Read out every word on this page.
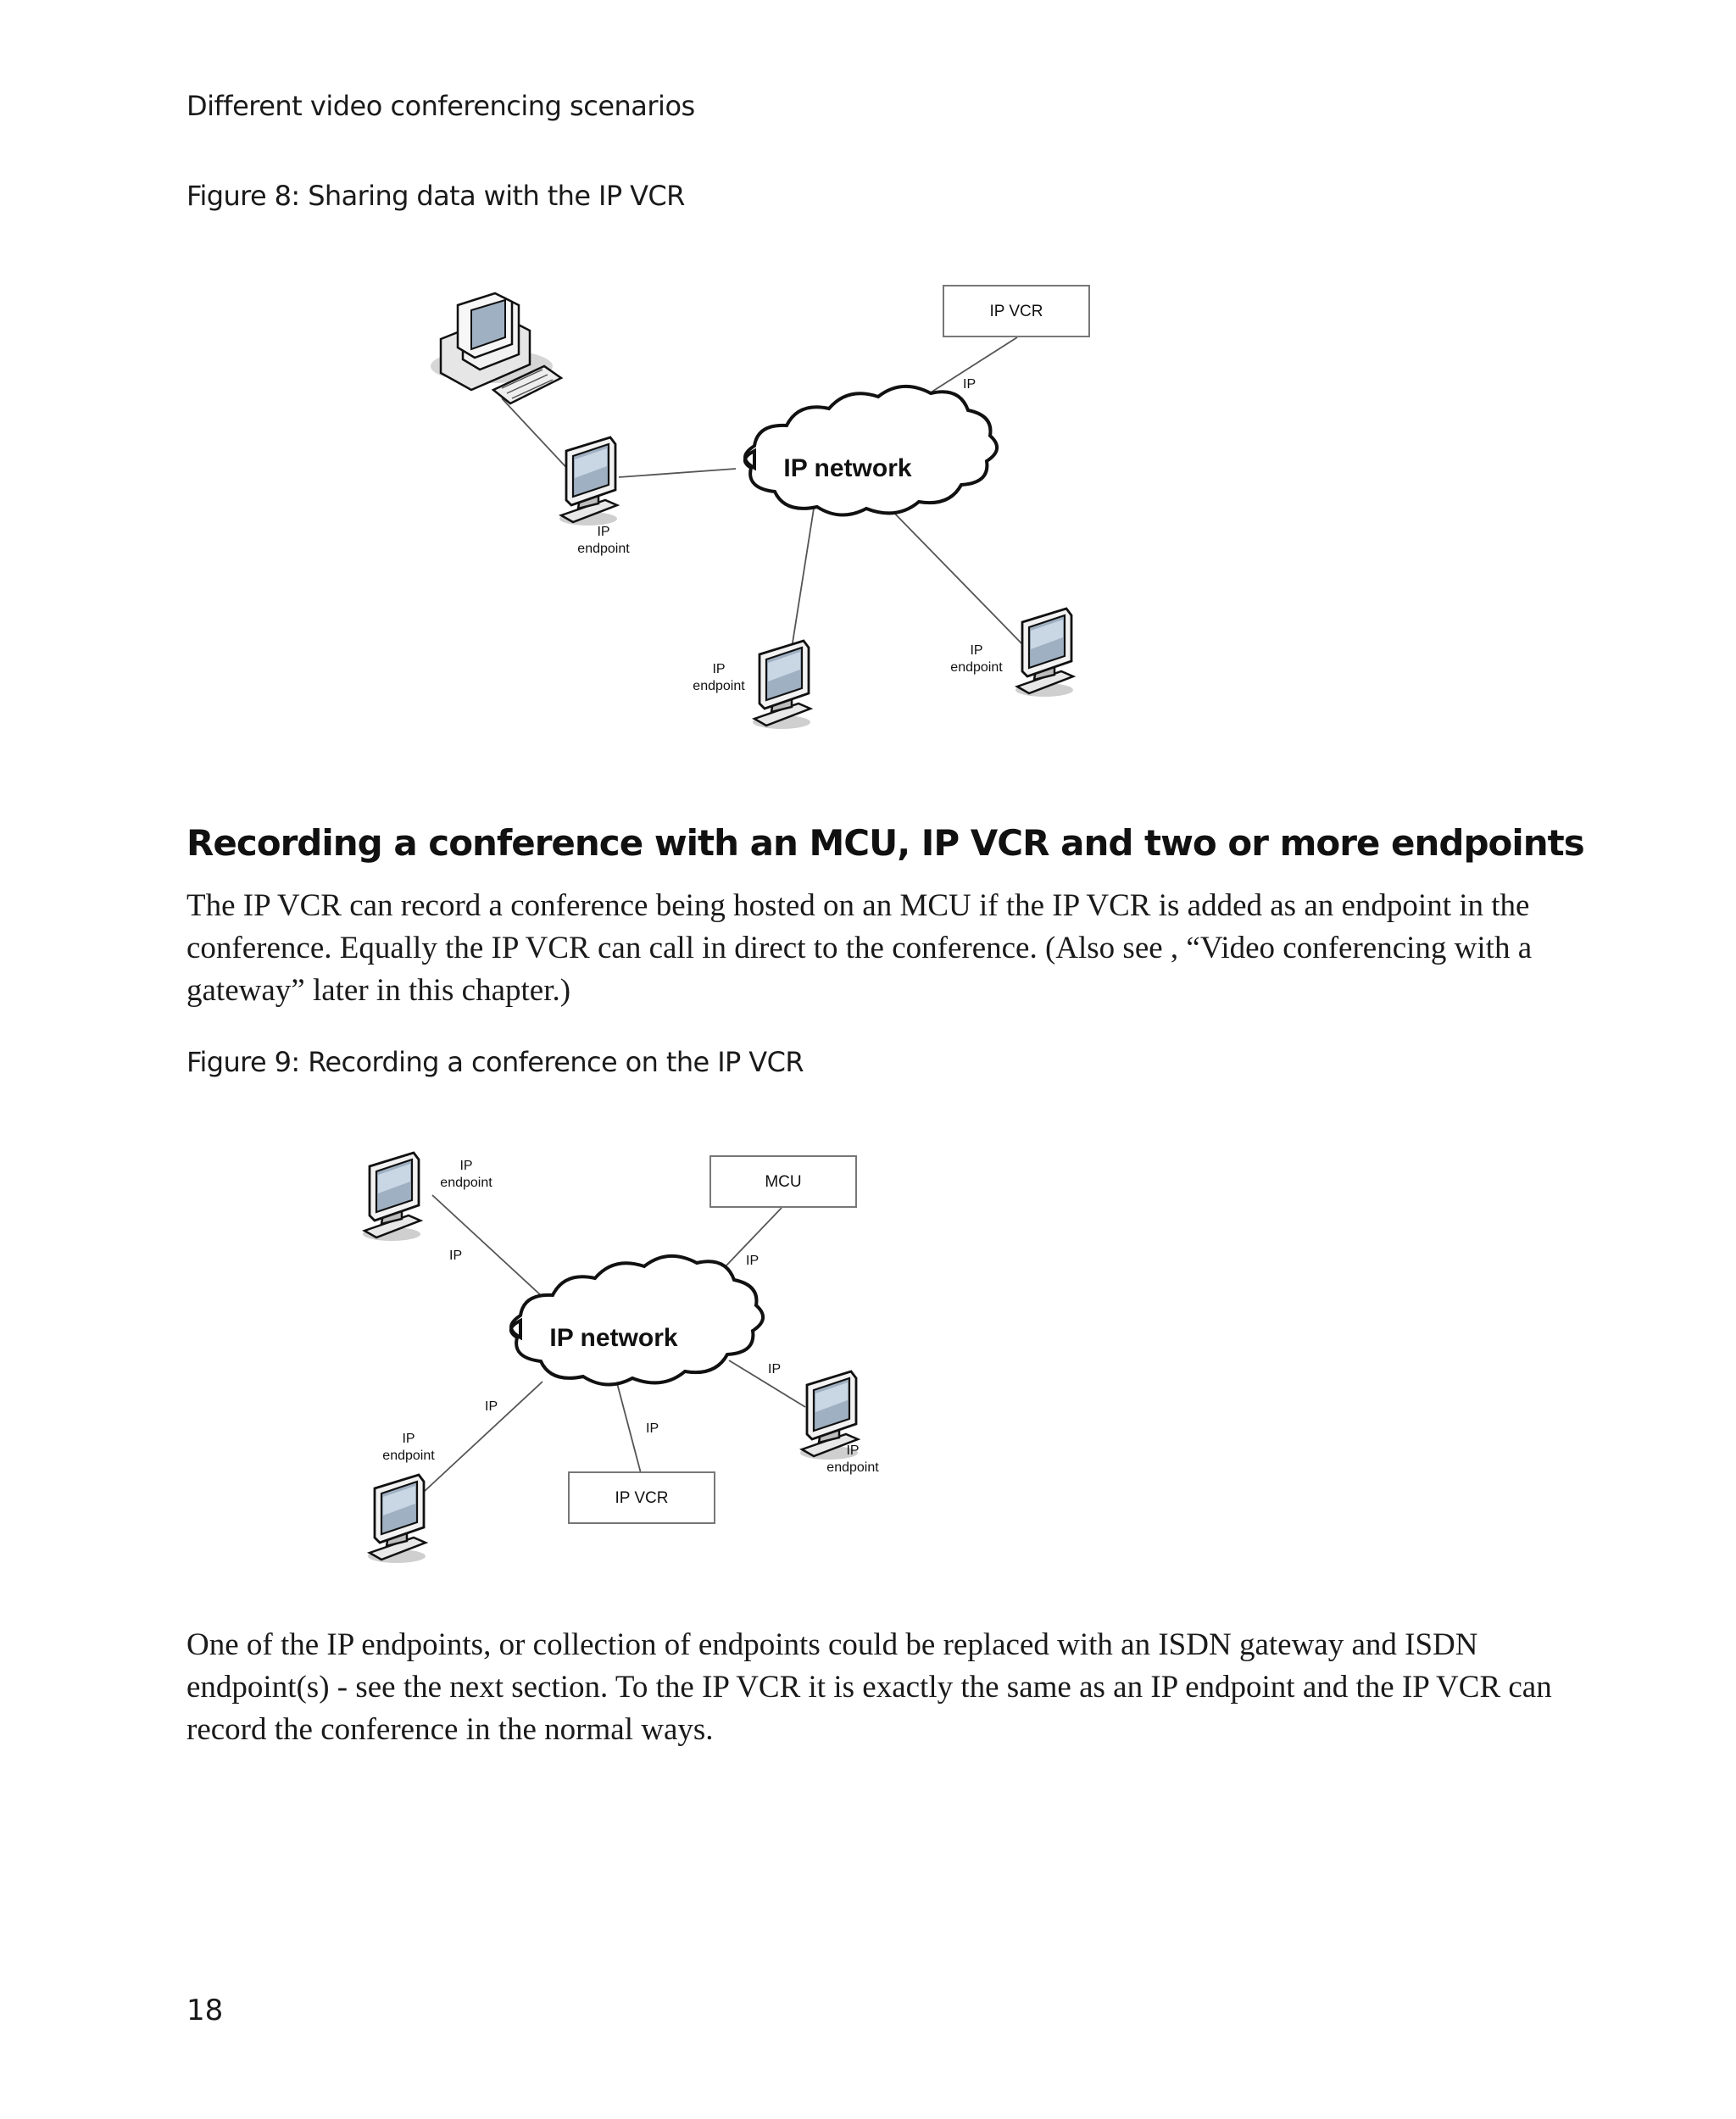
Different video conferencing scenarios
Figure 8: Sharing data with the IP VCR
IP VCR
IP
IP network
IP
endpoint
IP
endpoint
IP
endpoint
Recording a conference with an MCU, IP VCR and two or more endpoints
The IP VCR can record a conference being hosted on an MCU if the IP VCR is added as an endpoint in the conference. Equally the IP VCR can call in direct to the conference. (Also see , “Video conferencing with a gateway” later in this chapter.)
Figure 9: Recording a conference on the IP VCR
MCU
IP VCR
IP	IP
IP
IP
IP
IP network
IP
endpoint
IP
endpoint
IP
endpoint
One of the IP endpoints, or collection of endpoints could be replaced with an ISDN gateway and ISDN endpoint(s) - see the next section. To the IP VCR it is exactly the same as an IP endpoint and the IP VCR can record the conference in the normal ways.
18
